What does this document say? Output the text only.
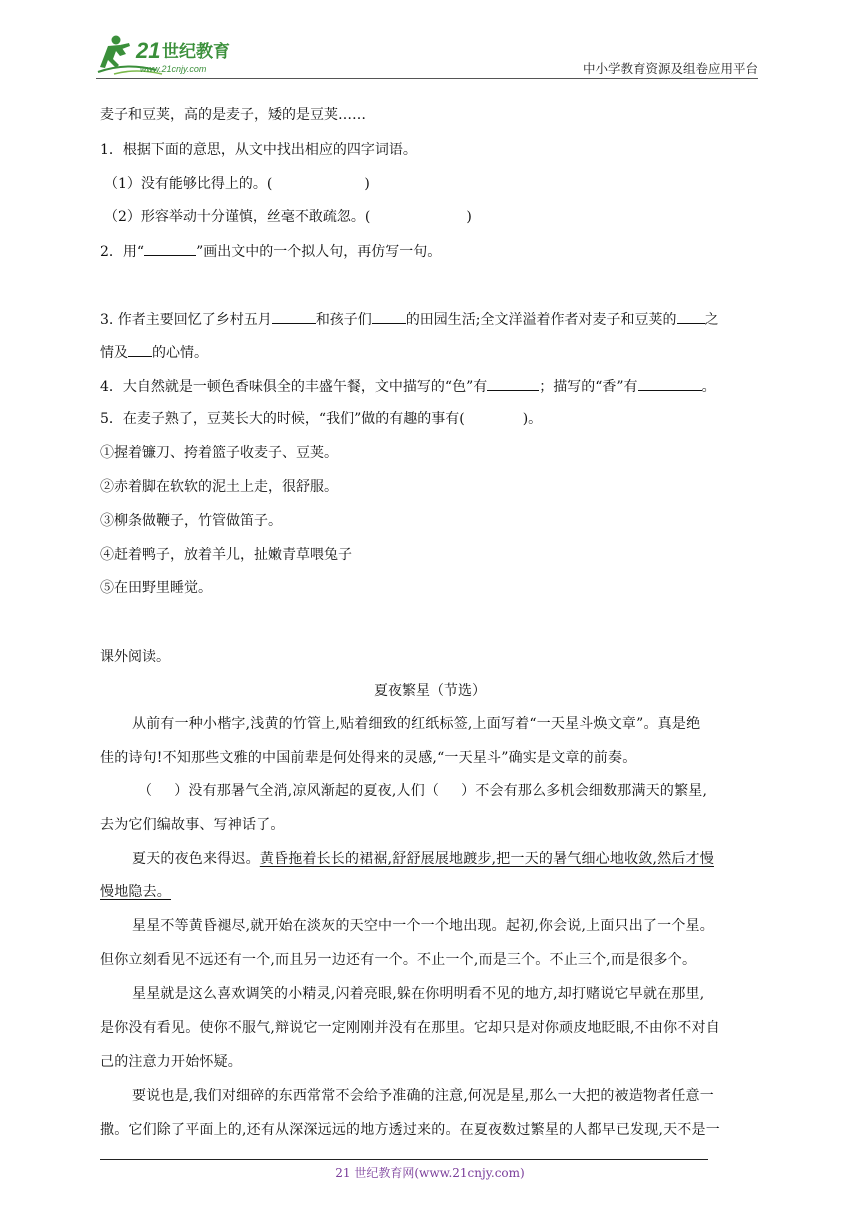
21 世纪教育
www.21cnjy.com	中小学教育资源及组卷应用平台
麦子和豆荚，高的是麦子，矮的是豆荚……
1．根据下面的意思，从文中找出相应的四字词语。
（1）没有能够比得上的。(	)
（2）形容举动十分谨慎，丝毫不敢疏忽。(	)
2．用“	”画出文中的一个拟人句，再仿写一句。
3. 作者主要回忆了乡村五月	和孩子们 的田园生活;全文洋溢着作者对麦子和豆荚的 之
情及 的心情。
4．大自然就是一顿色香味俱全的丰盛午餐，文中描写的“色”有	；描写的“香”有	。
5．在麦子熟了，豆荚长大的时候，“我们”做的有趣的事有(	)。
①握着镰刀、挎着篮子收麦子、豆荚。
②赤着脚在软软的泥土上走，很舒服。
③柳条做鞭子，竹管做笛子。
④赶着鸭子，放着羊儿，扯嫩青草喂兔子
⑤在田野里睡觉。
课外阅读。
夏夜繁星（节选）
从前有一种小楷字,浅黄的竹管上,贴着细致的红纸标签,上面写着“一天星斗焕文章”。真是绝
佳的诗句!不知那些文雅的中国前辈是何处得来的灵感,“一天星斗”确实是文章的前奏。
（ ）没有那暑气全消,凉风渐起的夏夜,人们（ ）不会有那么多机会细数那满天的繁星,
去为它们编故事、写神话了。
夏天的夜色来得迟。黄昏拖着长长的裙裾,舒舒展展地踱步,把一天的暑气细心地收敛,然后才慢
慢地隐去。
星星不等黄昏褪尽,就开始在淡灰的天空中一个一个地出现。起初,你会说,上面只出了一个星。
但你立刻看见不远还有一个,而且另一边还有一个。不止一个,而是三个。不止三个,而是很多个。
星星就是这么喜欢调笑的小精灵,闪着亮眼,躲在你明明看不见的地方,却打赌说它早就在那里,
是你没有看见。使你不服气,辩说它一定刚刚并没有在那里。它却只是对你顽皮地眨眼,不由你不对自
己的注意力开始怀疑。
要说也是,我们对细碎的东西常常不会给予准确的注意,何况是星,那么一大把的被造物者任意一
撒。它们除了平面上的,还有从深深远远的地方透过来的。在夏夜数过繁星的人都早已发现,天不是一
21 世纪教育网(www.21cnjy.com)
